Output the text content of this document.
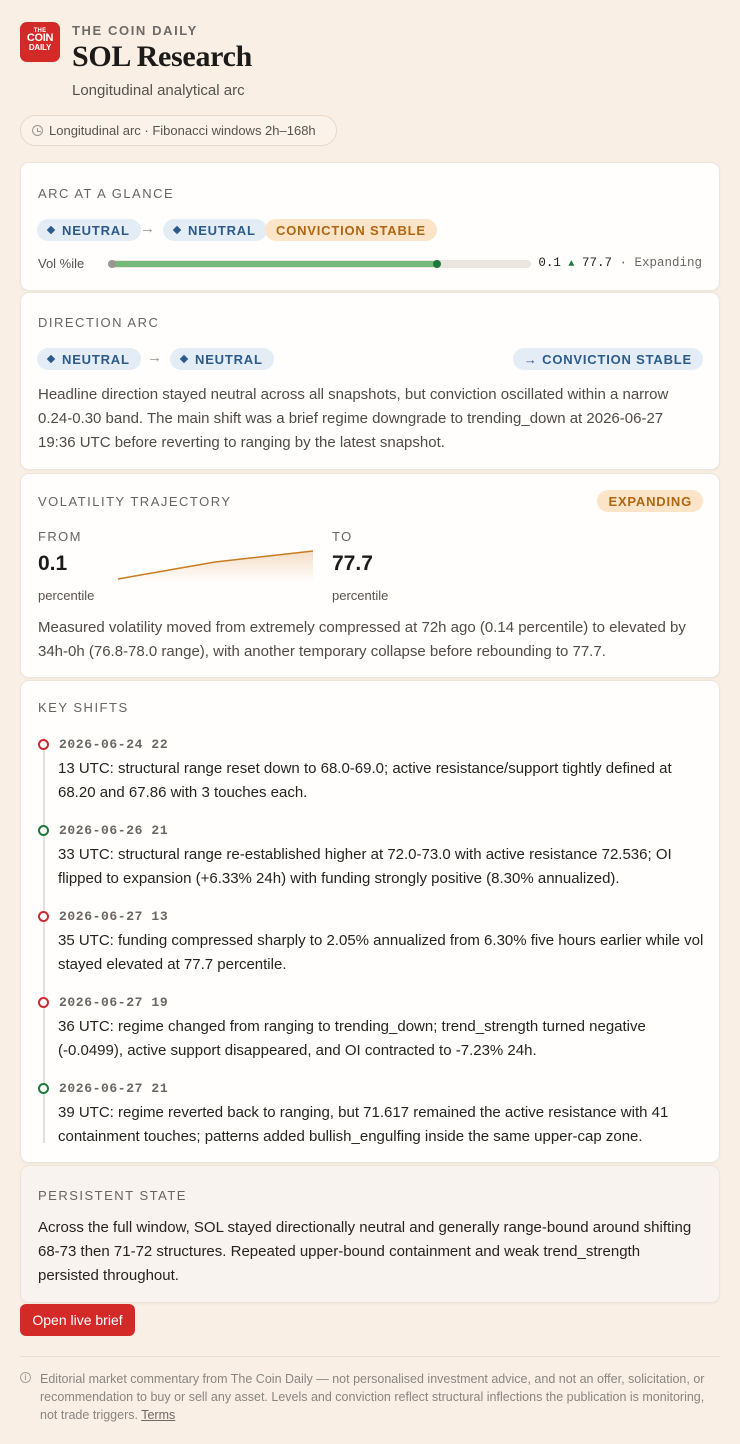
THE
COIN
DAILY
THE COIN DAILY
SOL Research
Longitudinal analytical arc
Longitudinal arc · Fibonacci windows 2h–168h
ARC AT A GLANCE
NEUTRAL →	NEUTRAL	CONVICTION STABLE
Vol %ile	0.1 ▲ 77.7 · Expanding
DIRECTION ARC
NEUTRAL →	NEUTRAL	→ CONVICTION STABLE
Headline direction stayed neutral across all snapshots, but conviction oscillated within a narrow 0.24-0.30 band. The main shift was a brief regime downgrade to trending_down at 2026-06-27 19:36 UTC before reverting to ranging by the latest snapshot.
VOLATILITY TRAJECTORY	EXPANDING
FROM
0.1
percentile
TO
77.7
percentile
Measured volatility moved from extremely compressed at 72h ago (0.14 percentile) to elevated by 34h-0h (76.8-78.0 range), with another temporary collapse before rebounding to 77.7.
KEY SHIFTS
2026-06-24 22
13 UTC: structural range reset down to 68.0-69.0; active resistance/support tightly defined at 68.20 and 67.86 with 3 touches each.
2026-06-26 21
33 UTC: structural range re-established higher at 72.0-73.0 with active resistance 72.536; OI flipped to expansion (+6.33% 24h) with funding strongly positive (8.30% annualized).
2026-06-27 13
35 UTC: funding compressed sharply to 2.05% annualized from 6.30% five hours earlier while vol stayed elevated at 77.7 percentile.
2026-06-27 19
36 UTC: regime changed from ranging to trending_down; trend_strength turned negative (-0.0499), active support disappeared, and OI contracted to -7.23% 24h.
2026-06-27 21
39 UTC: regime reverted back to ranging, but 71.617 remained the active resistance with 41 containment touches; patterns added bullish_engulfing inside the same upper-cap zone.
PERSISTENT STATE
Across the full window, SOL stayed directionally neutral and generally range-bound around shifting 68-73 then 71-72 structures. Repeated upper-bound containment and weak trend_strength persisted throughout.
Open live brief
i	Editorial market commentary from The Coin Daily — not personalised investment advice, and not an offer, solicitation, or recommendation to buy or sell any asset. Levels and conviction reflect structural inflections the publication is monitoring, not trade triggers. Terms
